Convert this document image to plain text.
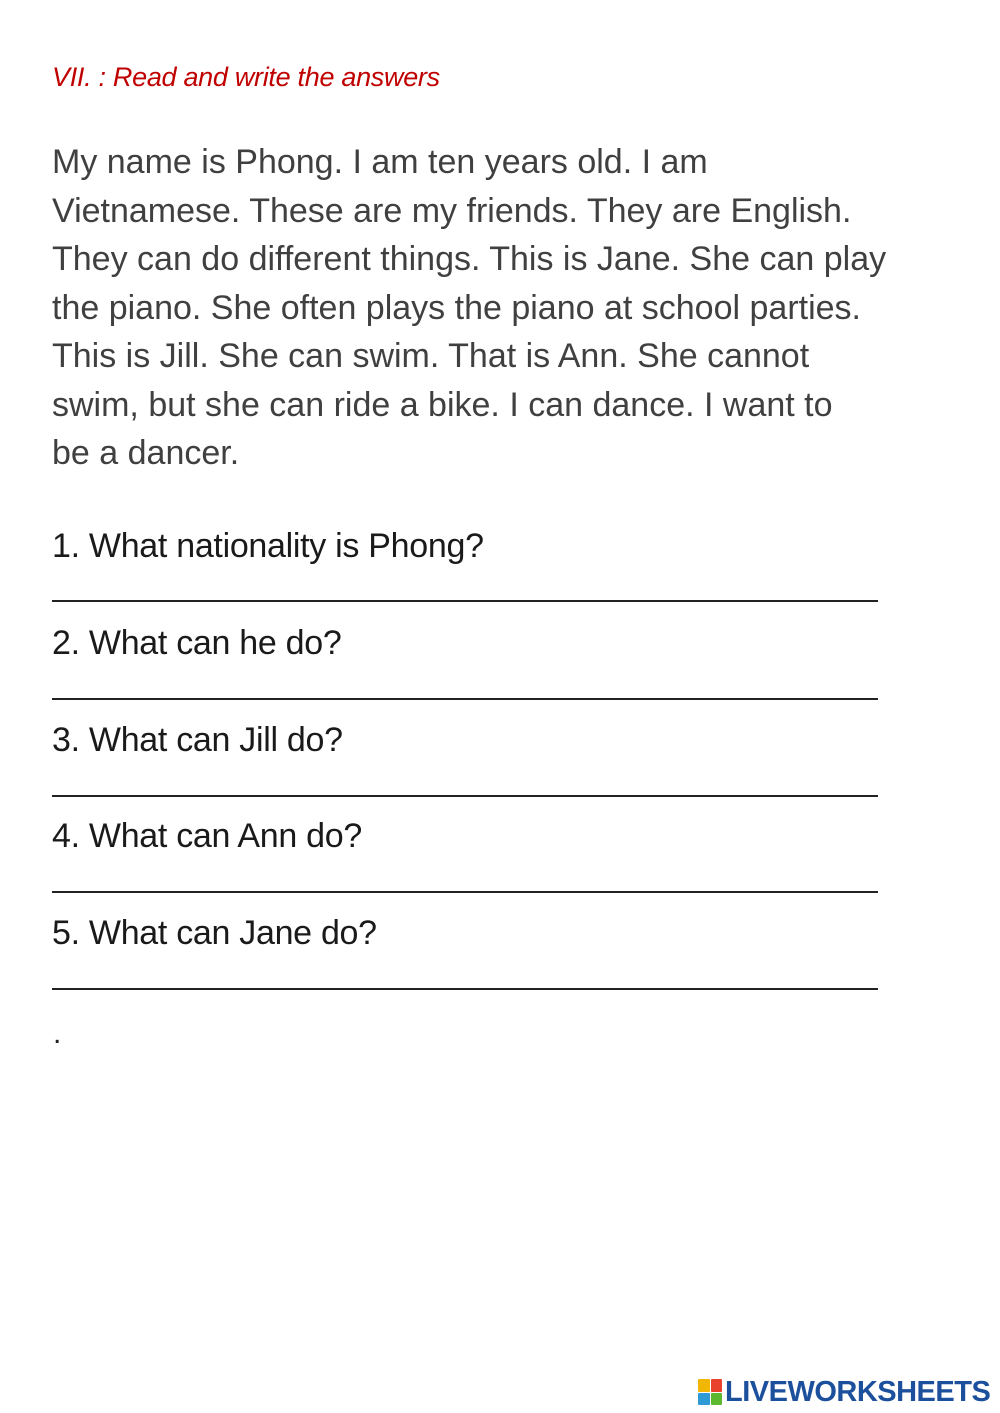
VII. : Read and write the answers

My name is Phong. I am ten years old. I am
Vietnamese. These are my friends. They are English.
They can do different things. This is Jane. She can play
the piano. She often plays the piano at school parties.
This is Jill. She can swim. That is Ann. She cannot
swim, but she can ride a bike. I can dance. I want to
be a dancer.

1. What nationality is Phong?
2. What can he do?
3. What can Jill do?
4. What can Ann do?
5. What can Jane do?
.
LIVEWORKSHEETS
